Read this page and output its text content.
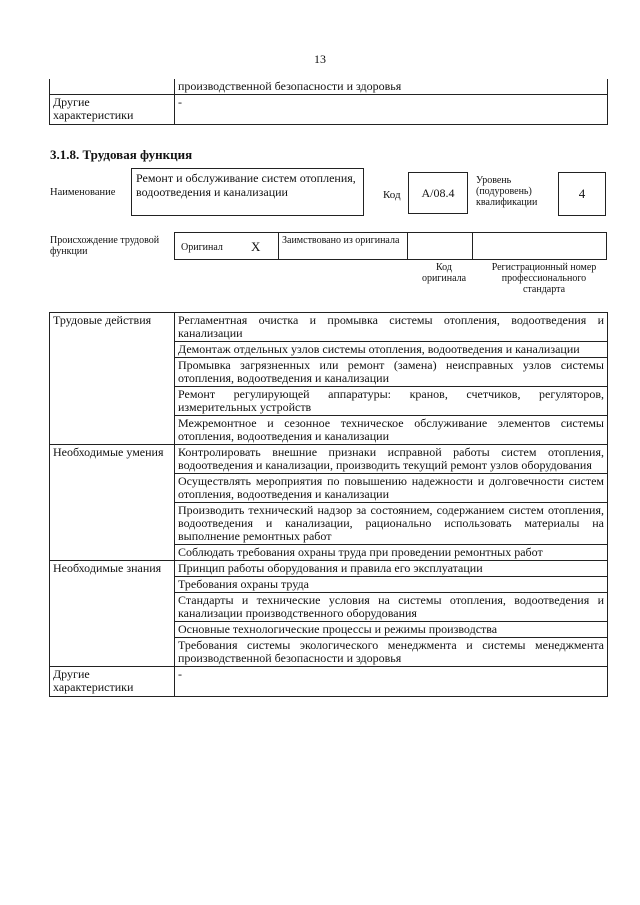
13
	производственной безопасности и здоровья
Другие характеристики	-
3.1.8. Трудовая функция
Наименование
Ремонт и обслуживание систем отопления, водоотведения и канализации	Код	A/08.4
Уровень (подуровень) квалификации
4
Происхождение трудовой функции	Оригинал X Заимствовано из оригинала
Код оригинала
Регистрационный номер профессионального стандарта
Трудовые действия	Регламентная очистка и промывка системы отопления, водоотведения и канализации
	Демонтаж отдельных узлов системы отопления, водоотведения и канализации
	Промывка загрязненных или ремонт (замена) неисправных узлов системы отопления, водоотведения и канализации
	Ремонт регулирующей аппаратуры: кранов, счетчиков, регуляторов, измерительных устройств
	Межремонтное и сезонное техническое обслуживание элементов системы отопления, водоотведения и канализации
Необходимые умения	Контролировать внешние признаки исправной работы систем отопления, водоотведения и канализации, производить текущий ремонт узлов оборудования
	Осуществлять мероприятия по повышению надежности и долговечности систем отопления, водоотведения и канализации
	Производить технический надзор за состоянием, содержанием систем отопления, водоотведения и канализации, рационально использовать материалы на выполнение ремонтных работ
	Соблюдать требования охраны труда при проведении ремонтных работ
Необходимые знания	Принцип работы оборудования и правила его эксплуатации
	Требования охраны труда
	Стандарты и технические условия на системы отопления, водоотведения и канализации производственного оборудования
	Основные технологические процессы и режимы производства
	Требования системы экологического менеджмента и системы менеджмента производственной безопасности и здоровья
Другие характеристики	-
